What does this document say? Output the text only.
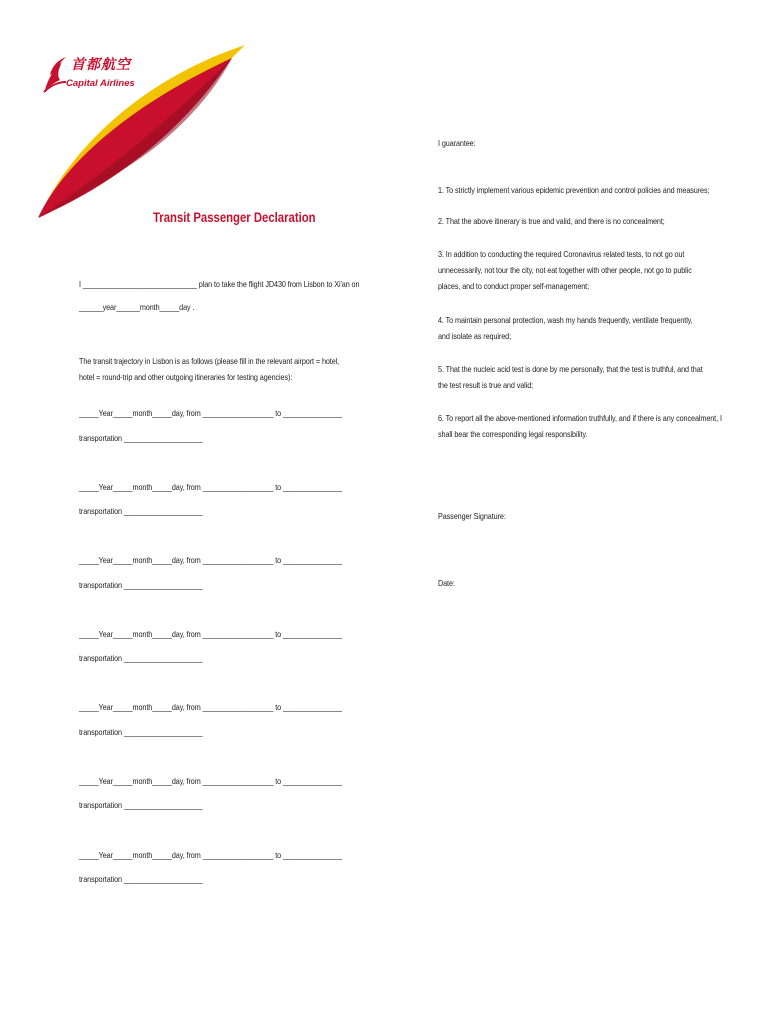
首都航空
Capital Airlines
Transit Passenger Declaration
I _____________________________ plan to take the flight JD430 from Lisbon to Xi'an on
______year______month_____day .
The transit trajectory in Lisbon is as follows (please fill in the relevant airport = hotel, hotel = round-trip and other outgoing itineraries for testing agencies):
_____Year_____month_____day, from __________________ to _______________
transportation ____________________
_____Year_____month_____day, from __________________ to _______________
transportation ____________________
_____Year_____month_____day, from __________________ to _______________
transportation ____________________
_____Year_____month_____day, from __________________ to _______________
transportation ____________________
_____Year_____month_____day, from __________________ to _______________
transportation ____________________
_____Year_____month_____day, from __________________ to _______________
transportation ____________________
_____Year_____month_____day, from __________________ to _______________
transportation ____________________
I guarantee:
1. To strictly implement various epidemic prevention and control policies and measures;
2. That the above itinerary is true and valid, and there is no concealment;
3. In addition to conducting the required Coronavirus related tests, to not go out unnecessarily, not tour the city, not eat together with other people, not go to public places, and to conduct proper self-management;
4. To maintain personal protection, wash my hands frequently, ventilate frequently, and isolate as required;
5. That the nucleic acid test is done by me personally, that the test is truthful, and that the test result is true and valid;
6. To report all the above-mentioned information truthfully, and if there is any concealment, I shall bear the corresponding legal responsibility.
Passenger Signature:
Date:
